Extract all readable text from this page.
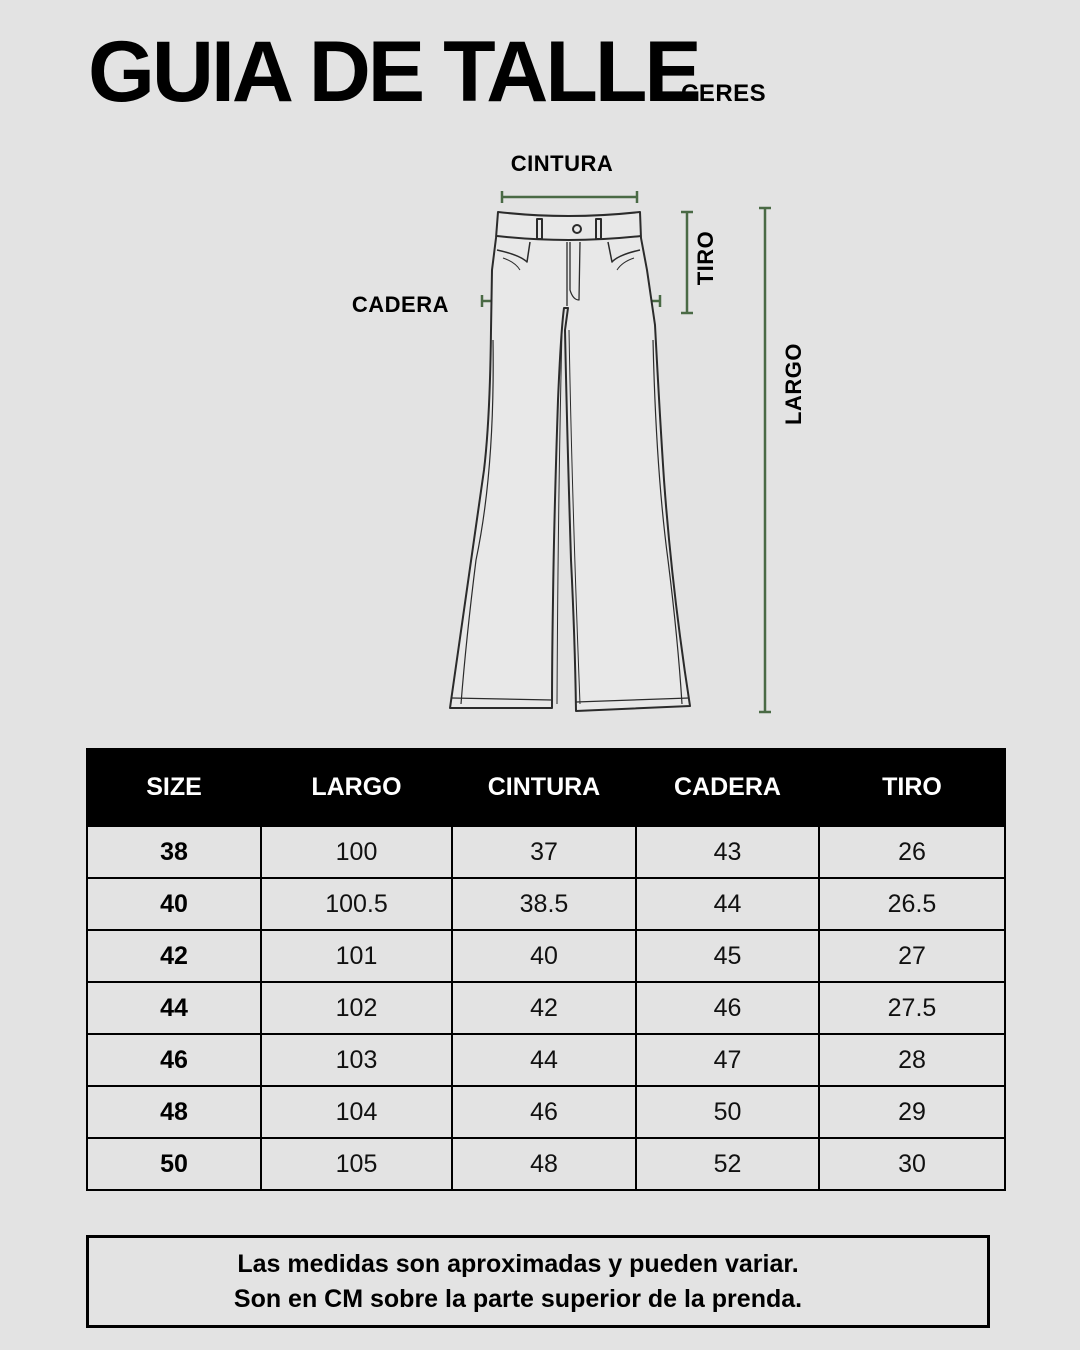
GUIA DE TALLE
CERES
CINTURA
CADERA
TIRO
LARGO
SIZE	LARGO	CINTURA	CADERA	TIRO
38	100	37	43	26
40	100.5	38.5	44	26.5
42	101	40	45	27
44	102	42	46	27.5
46	103	44	47	28
48	104	46	50	29
50	105	48	52	30
Las medidas son aproximadas y pueden variar.
Son en CM sobre la parte superior de la prenda.
